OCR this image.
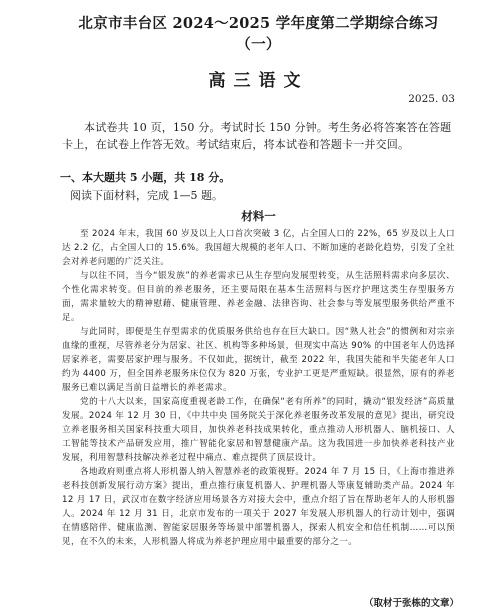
北京市丰台区 2024～2025 学年度第二学期综合练习（一）
高三语文
2025. 03
本试卷共 10 页，150 分。考试时长 150 分钟。考生务必将答案答在答题卡上，在试卷上作答无效。考试结束后，将本试卷和答题卡一并交回。
一、本大题共 5 小题，共 18 分。
阅读下面材料，完成 1—5 题。
材料一

至 2024 年末，我国 60 岁及以上人口首次突破 3 亿，占全国人口的 22%，65 岁及以上人口达 2.2 亿，占全国人口的 15.6%。我国超大规模的老年人口、不断加速的老龄化趋势，引发了全社会对养老问题的广泛关注。

与以往不同，当今“银发族”的养老需求已从生存型向发展型转变，从生活照料需求向多层次、个性化需求转变。但目前的养老服务，还主要局限在基本生活照料与医疗护理这类生存型服务方面，需求量较大的精神慰藉、健康管理、养老金融、法律咨询、社会参与等发展型服务供给严重不足。

与此同时，即便是生存型需求的优质服务供给也存在巨大缺口。因“熟人社会”的惯例和对宗亲血缘的重视，尽管养老分为居家、社区、机构等多种场景，但现实中高达 90% 的中国老年人仍选择居家养老，需要居家护理与服务。不仅如此，据统计，截至 2022 年，我国失能和半失能老年人口约为 4400 万，但全国养老服务床位仅为 820 万张，专业护工更是严重短缺。很显然，原有的养老服务已难以满足当前日益增长的养老需求。

党的十八大以来，国家高度重视老龄工作，在确保“老有所养”的同时，撬动“银发经济”高质量发展。2024 年 12 月 30 日，《中共中央 国务院关于深化养老服务改革发展的意见》提出，研究设立养老服务相关国家科技重大项目，加快养老科技成果转化，重点推动人形机器人、脑机接口、人工智能等技术产品研发应用，推广智能化家居和智慧健康产品。这为我国进一步加快养老科技产业发展，利用智慧科技解决养老过程中痛点、难点提供了顶层设计。

各地政府则重点将人形机器人纳入智慧养老的政策视野。2024 年 7 月 15 日，《上海市推进养老科技创新发展行动方案》提出，重点推行康复机器人、护理机器人等康复辅助类产品。2024 年 12 月 17 日，武汉市在数字经济应用场景各方对接大会中，重点介绍了旨在帮助老年人的人形机器人。2024 年 12 月 31 日，北京市发布的一项关于 2027 年发展人形机器人的行动计划中，强调在情感陪伴、健康监测、智能家居服务等场景中部署机器人，探索人机安全和信任机制……可以预见，在不久的未来，人形机器人将成为养老护理应用中最重要的部分之一。

（取材于张栋的文章）
